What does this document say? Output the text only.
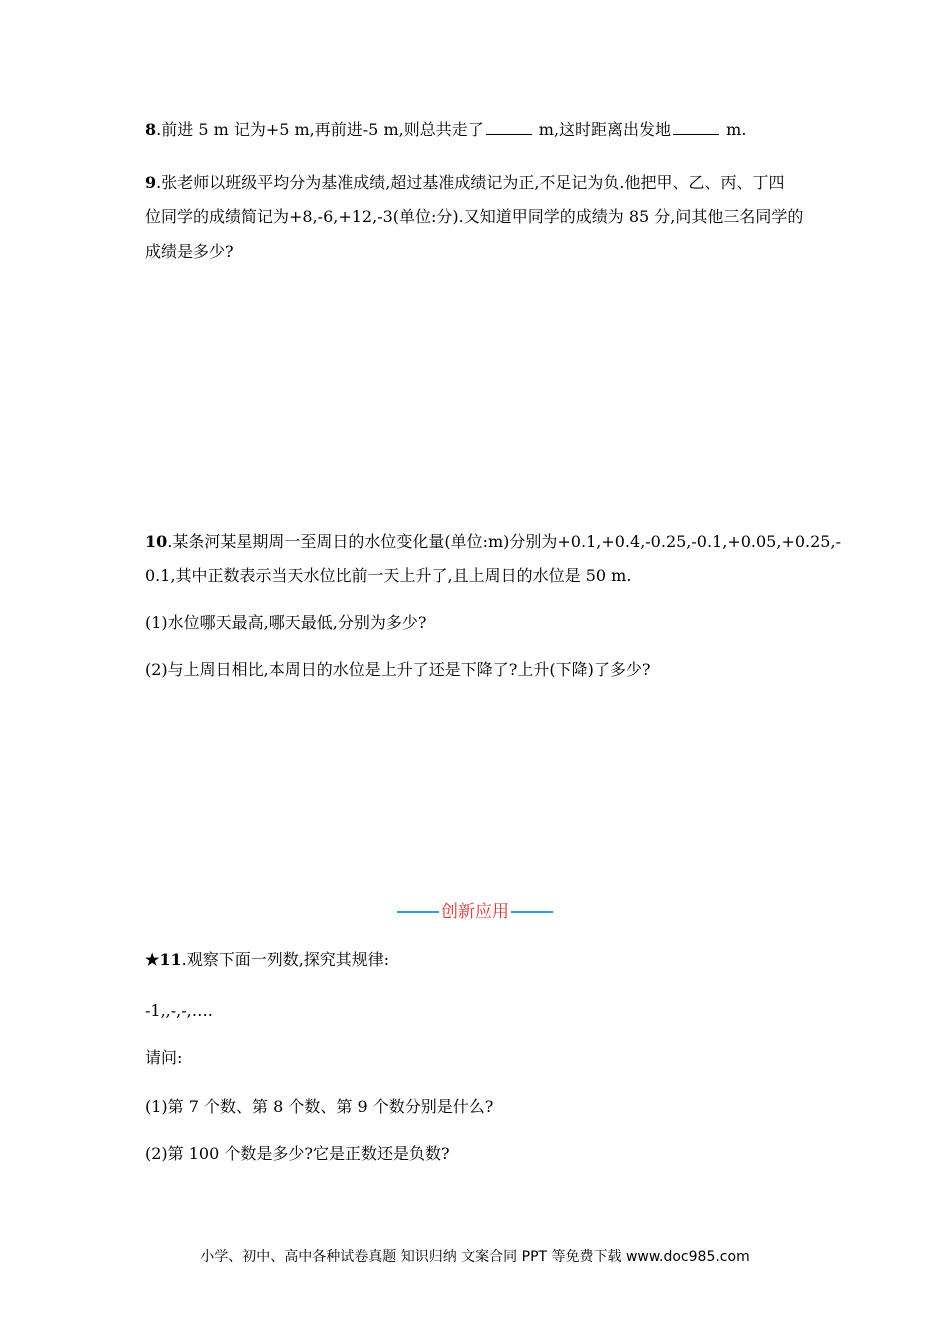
8.前进 5 m 记为+5 m,再前进-5 m,则总共走了	m,这时距离出发地	m.
9.张老师以班级平均分为基准成绩,超过基准成绩记为正,不足记为负.他把甲、乙、丙、丁四
位同学的成绩简记为+8,-6,+12,-3(单位:分).又知道甲同学的成绩为 85 分,问其他三名同学的
成绩是多少?
10.某条河某星期周一至周日的水位变化量(单位:m)分别为+0.1,+0.4,-0.25,-0.1,+0.05,+0.25,-
0.1,其中正数表示当天水位比前一天上升了,且上周日的水位是 50 m.
(1)水位哪天最高,哪天最低,分别为多少?
(2)与上周日相比,本周日的水位是上升了还是下降了?上升(下降)了多少?
创新应用
★11.观察下面一列数,探究其规律:
-1,,-,-,….
请问:
(1)第 7 个数、第 8 个数、第 9 个数分别是什么?
(2)第 100 个数是多少?它是正数还是负数?
小学、初中、高中各种试卷真题 知识归纳 文案合同 PPT 等免费下载 www.doc985.com
